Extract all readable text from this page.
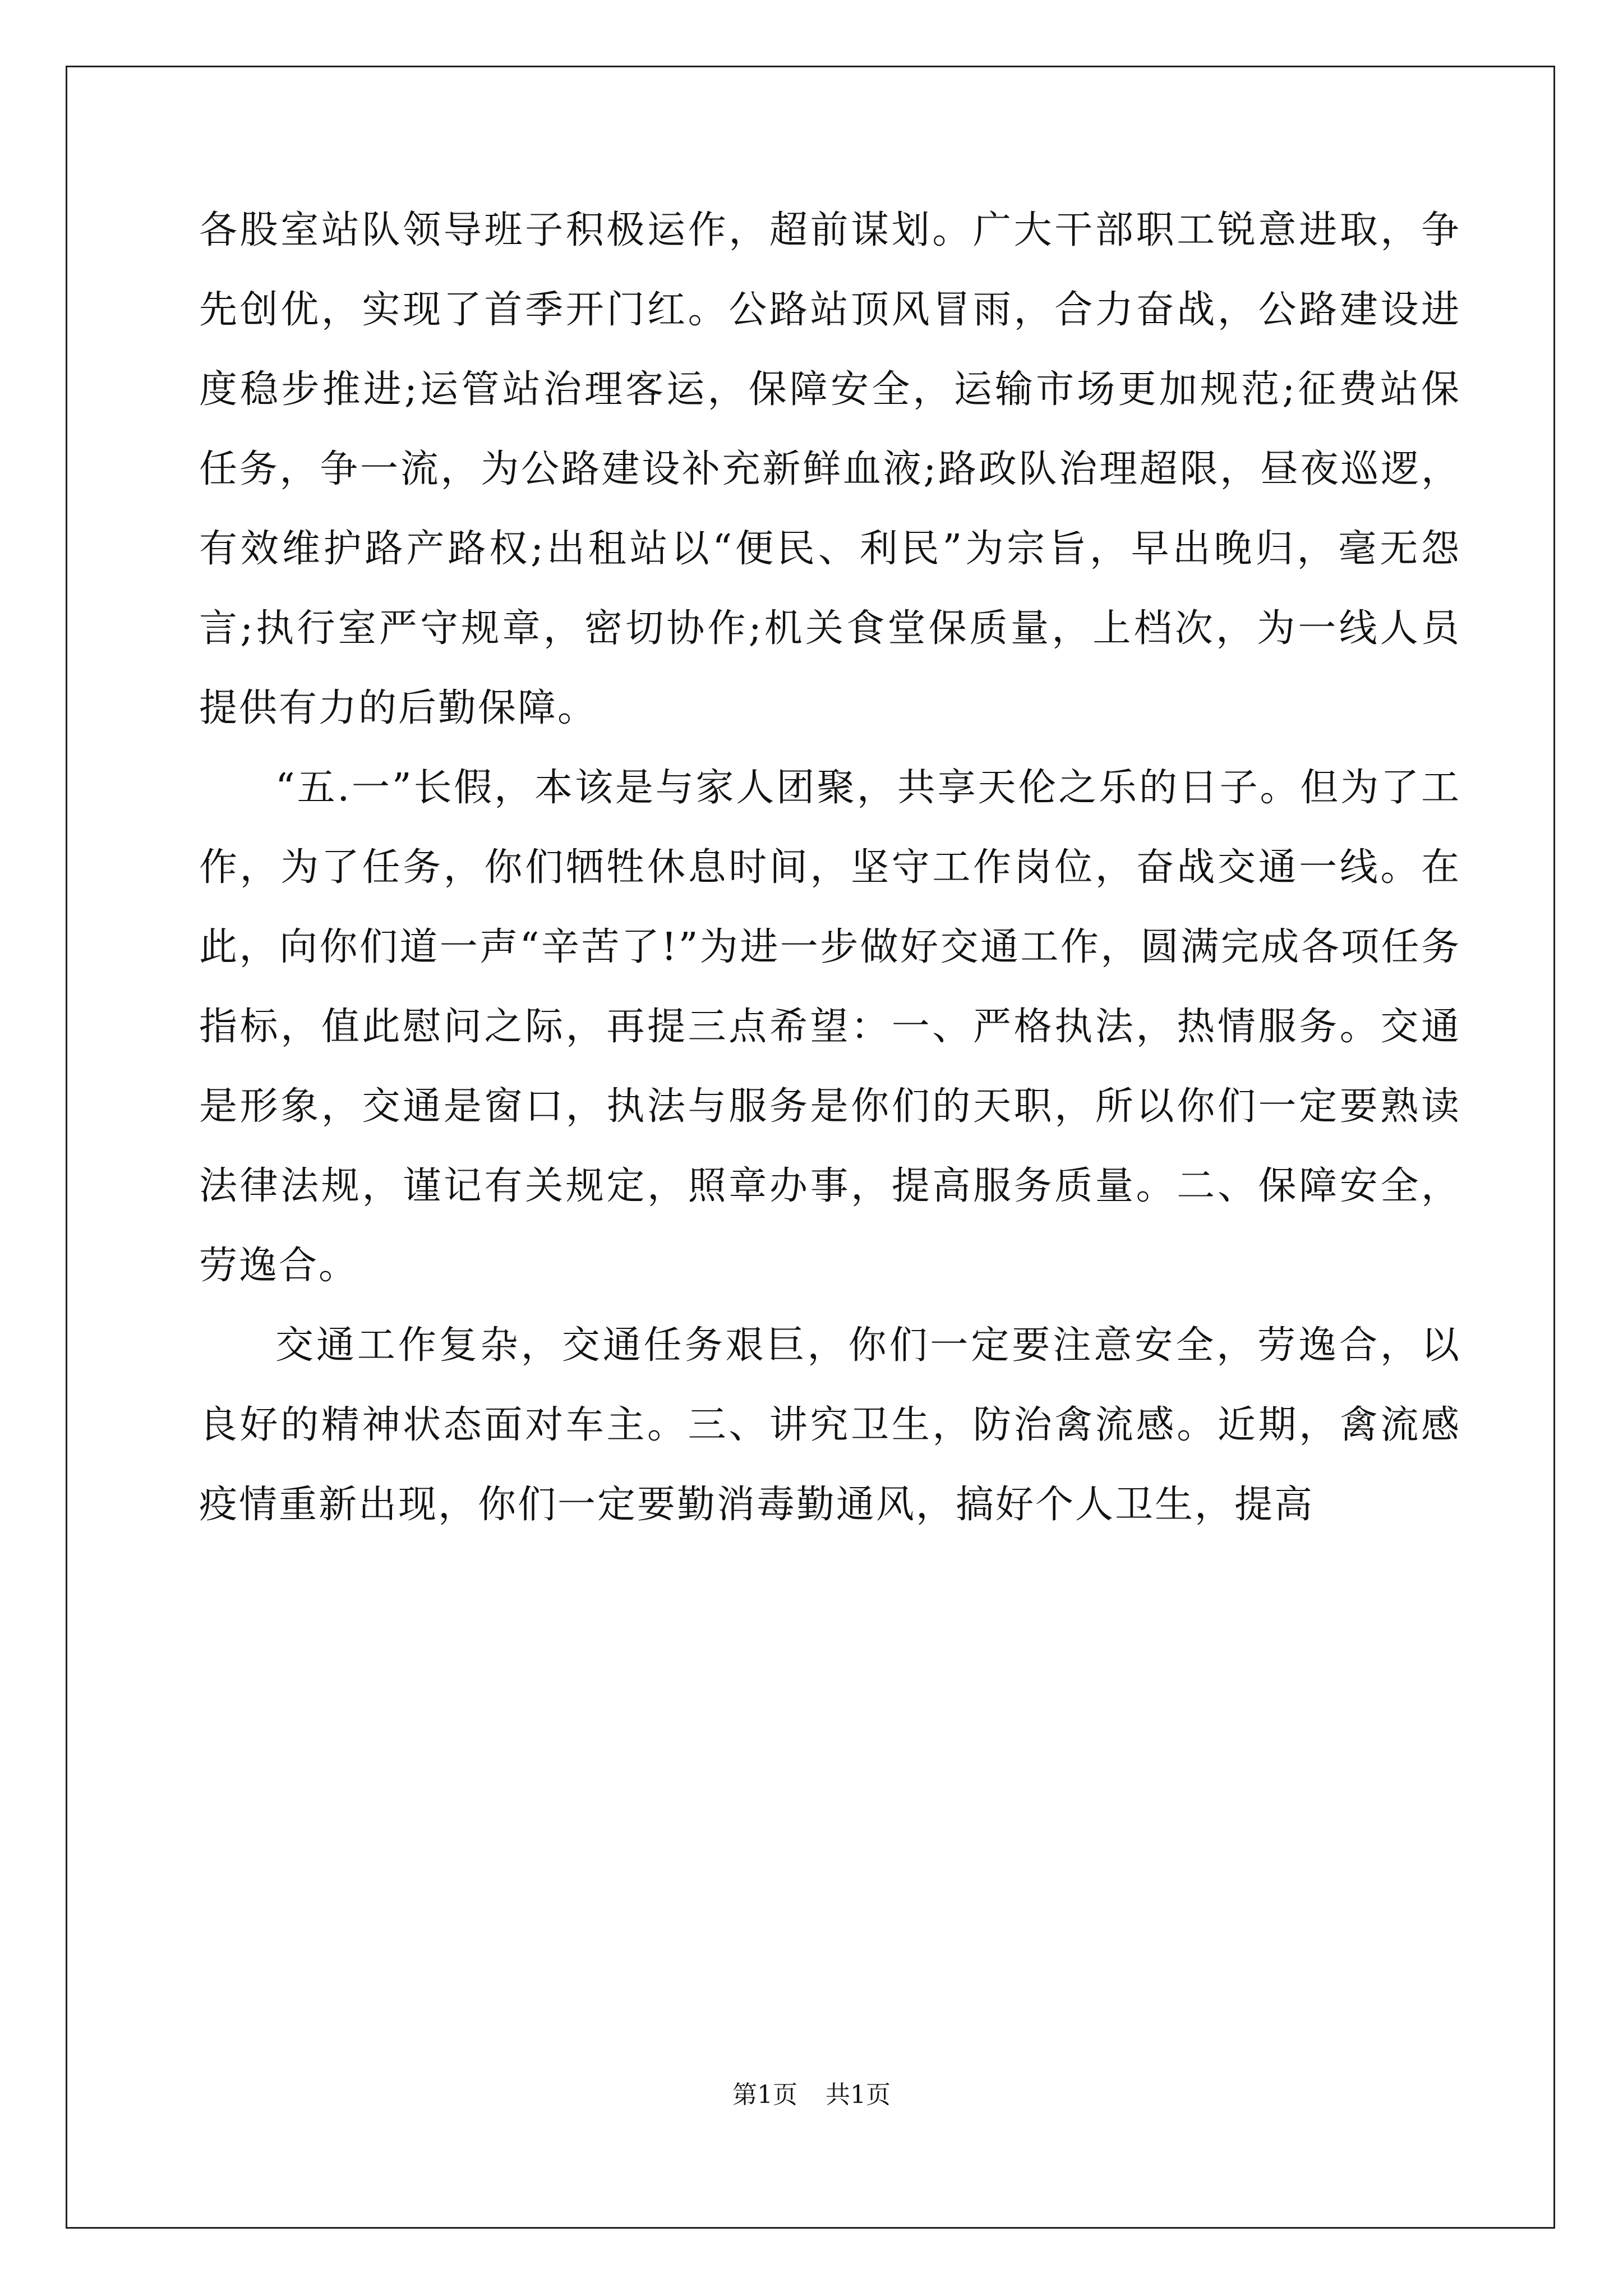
各股室站队领导班子积极运作，超前谋划。广大干部职工锐意进取，争先创优，实现了首季开门红。公路站顶风冒雨，合力奋战，公路建设进度稳步推进;运管站治理客运，保障安全，运输市场更加规范;征费站保任务，争一流，为公路建设补充新鲜血液;路政队治理超限，昼夜巡逻，有效维护路产路权;出租站以“便民、利民”为宗旨，早出晚归，毫无怨言;执行室严守规章，密切协作;机关食堂保质量，上档次，为一线人员提供有力的后勤保障。

“五.一”长假，本该是与家人团聚，共享天伦之乐的日子。但为了工作，为了任务，你们牺牲休息时间，坚守工作岗位，奋战交通一线。在此，向你们道一声“辛苦了!”为进一步做好交通工作，圆满完成各项任务指标，值此慰问之际，再提三点希望：一、严格执法，热情服务。交通是形象，交通是窗口，执法与服务是你们的天职，所以你们一定要熟读法律法规，谨记有关规定，照章办事，提高服务质量。二、保障安全，劳逸合。

交通工作复杂，交通任务艰巨，你们一定要注意安全，劳逸合，以良好的精神状态面对车主。三、讲究卫生，防治禽流感。近期，禽流感疫情重新出现，你们一定要勤消毒勤通风，搞好个人卫生，提高

第1页 共1页
